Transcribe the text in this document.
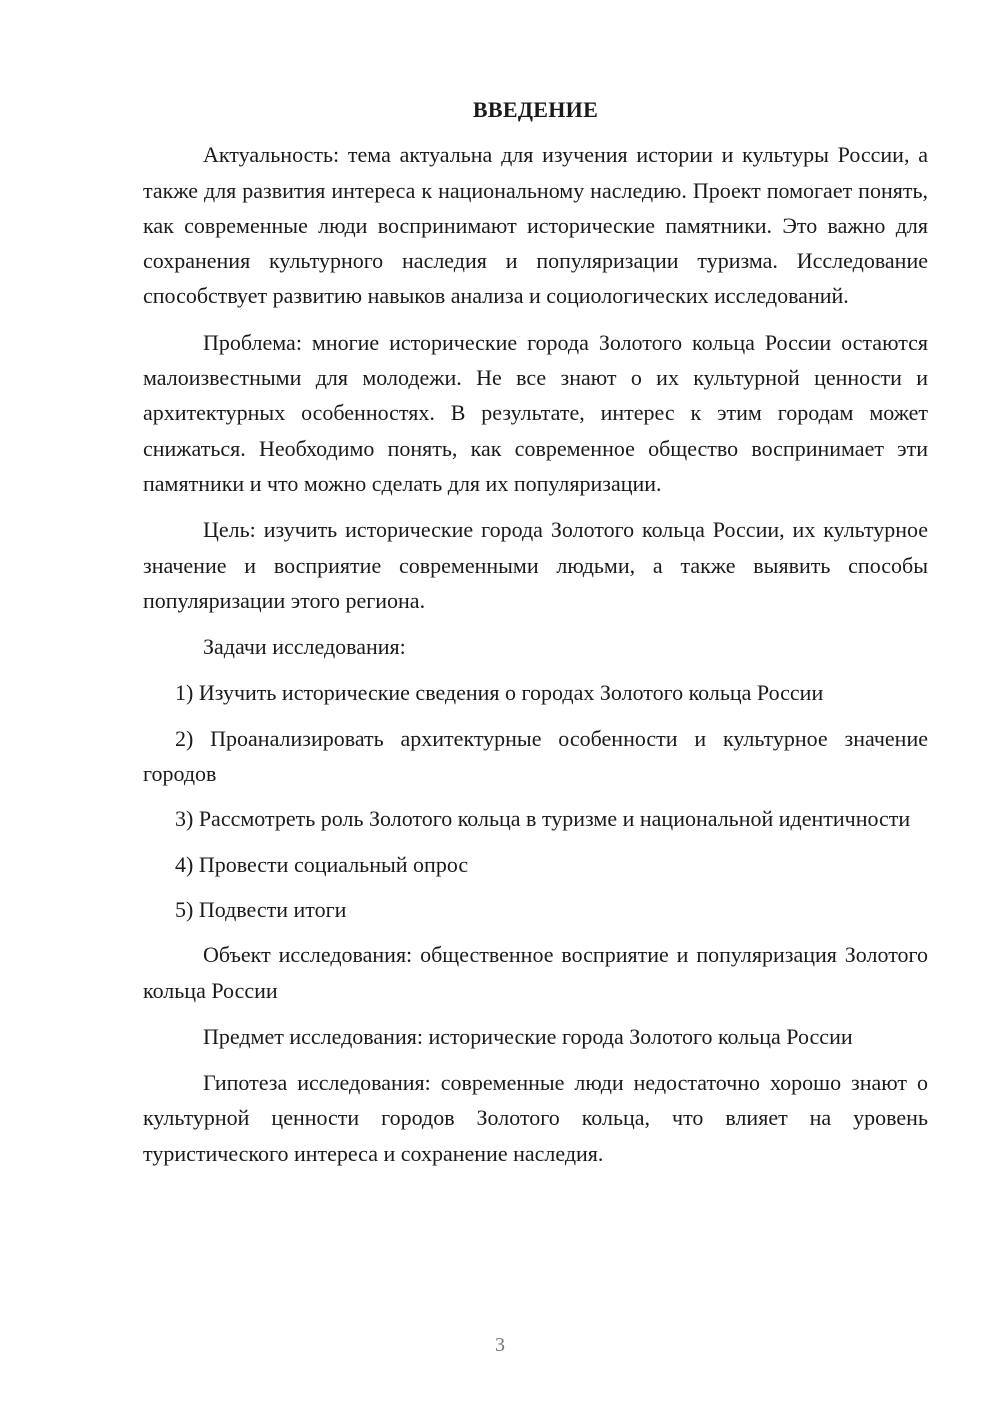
ВВЕДЕНИЕ

Актуальность: тема актуальна для изучения истории и культуры России, а также для развития интереса к национальному наследию. Проект помогает понять, как современные люди воспринимают исторические памятники. Это важно для сохранения культурного наследия и популяризации туризма. Исследование способствует развитию навыков анализа и социологических исследований.

Проблема: многие исторические города Золотого кольца России остаются малоизвестными для молодежи. Не все знают о их культурной ценности и архитектурных особенностях. В результате, интерес к этим городам может снижаться. Необходимо понять, как современное общество воспринимает эти памятники и что можно сделать для их популяризации.

Цель: изучить исторические города Золотого кольца России, их культурное значение и восприятие современными людьми, а также выявить способы популяризации этого региона.

Задачи исследования:

1) Изучить исторические сведения о городах Золотого кольца России

2) Проанализировать архитектурные особенности и культурное значение городов

3) Рассмотреть роль Золотого кольца в туризме и национальной идентичности

4) Провести социальный опрос

5) Подвести итоги

Объект исследования: общественное восприятие и популяризация Золотого кольца России

Предмет исследования: исторические города Золотого кольца России

Гипотеза исследования: современные люди недостаточно хорошо знают о культурной ценности городов Золотого кольца, что влияет на уровень туристического интереса и сохранение наследия.

3
